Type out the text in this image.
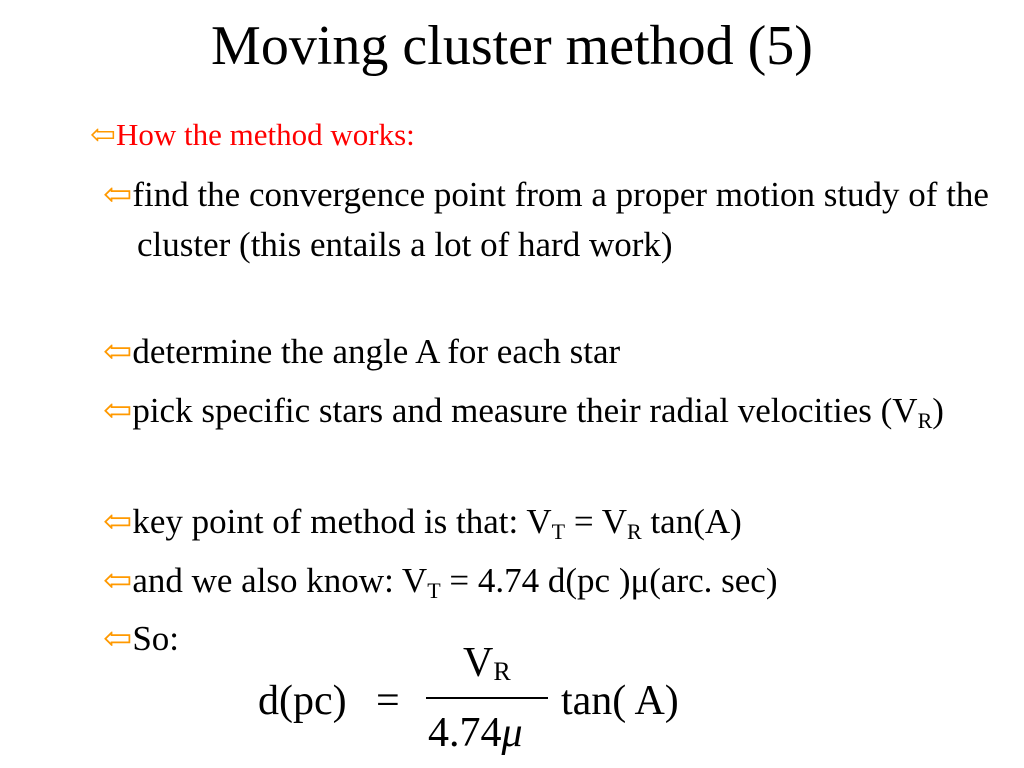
Moving cluster method (5)
⇦How the method works:
⇦find the convergence point from a proper motion study of the cluster (this entails a lot of hard work)
⇦determine the angle A for each star
⇦pick specific stars and measure their radial velocities $(V_R)$
⇦key point of method is that: $V_T = V_R$ tan(A)
⇦and we also know: $V_T = 4.74$ d(pc )μ(arc. sec)
⇦So:
d(pc) =
VR
4.74μ
tan( A)
